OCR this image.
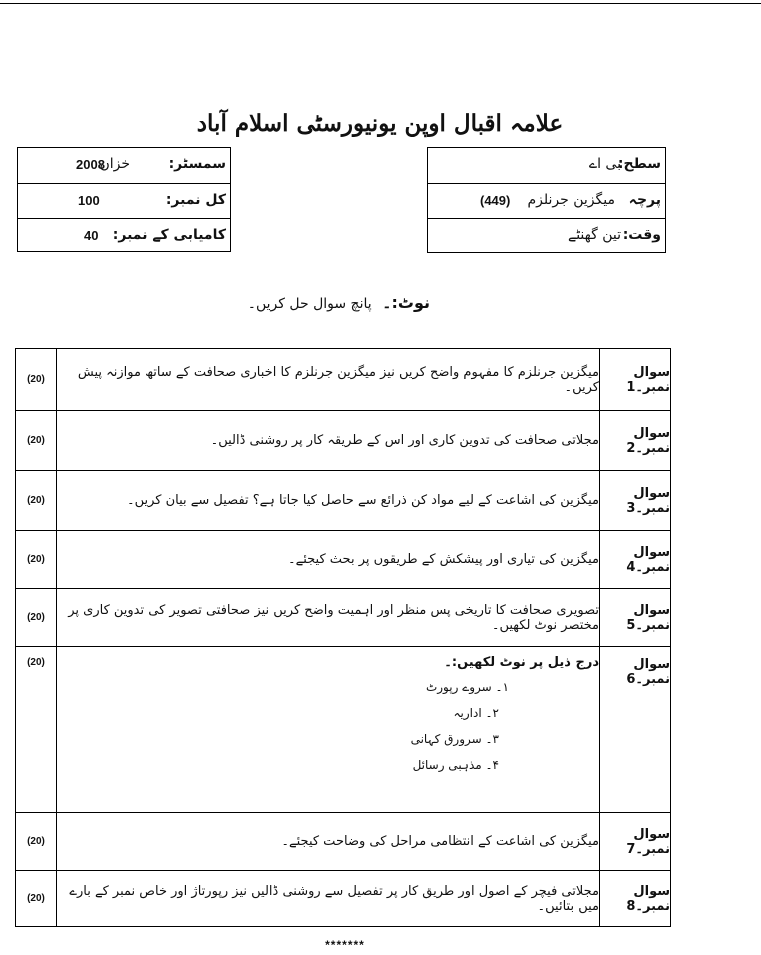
علامہ اقبال اوپن یونیورسٹی اسلام آباد
سمسٹر:
خزاں
2008
کل نمبر:
100
کامیابی کے نمبر:
40
سطح:
بی اے
پرچہ
میگزین جرنلزم
(449)
وقت:
تین گھنٹے
نوٹ:۔ پانچ سوال حل کریں۔
(20)	میگزین جرنلزم کا مفہوم واضح کریں نیز میگزین جرنلزم کا اخباری صحافت کے ساتھ موازنہ پیش کریں۔	سوال نمبر۔1
(20)	مجلاتی صحافت کی تدوین کاری اور اس کے طریقہ کار پر روشنی ڈالیں۔	سوال نمبر۔2
(20)	میگزین کی اشاعت کے لیے مواد کن ذرائع سے حاصل کیا جاتا ہے؟ تفصیل سے بیان کریں۔	سوال نمبر۔3
(20)	میگزین کی تیاری اور پیشکش کے طریقوں پر بحث کیجئے۔	سوال نمبر۔4
(20)	تصویری صحافت کا تاریخی پس منظر اور اہمیت واضح کریں نیز صحافتی تصویر کی تدوین کاری پر مختصر نوٹ لکھیں۔	سوال نمبر۔5
(20)	درج ذیل پر نوٹ لکھیں:۔
۱۔ سروے رپورٹ
۲۔ اداریہ
۳۔ سرورق کہانی
۴۔ مذہبی رسائل	سوال نمبر۔6
(20)	میگزین کی اشاعت کے انتظامی مراحل کی وضاحت کیجئے۔	سوال نمبر۔7
(20)	مجلاتی فیچر کے اصول اور طریق کار پر تفصیل سے روشنی ڈالیں نیز رپورتاژ اور خاص نمبر کے بارے میں بتائیں۔	سوال نمبر۔8
*******
